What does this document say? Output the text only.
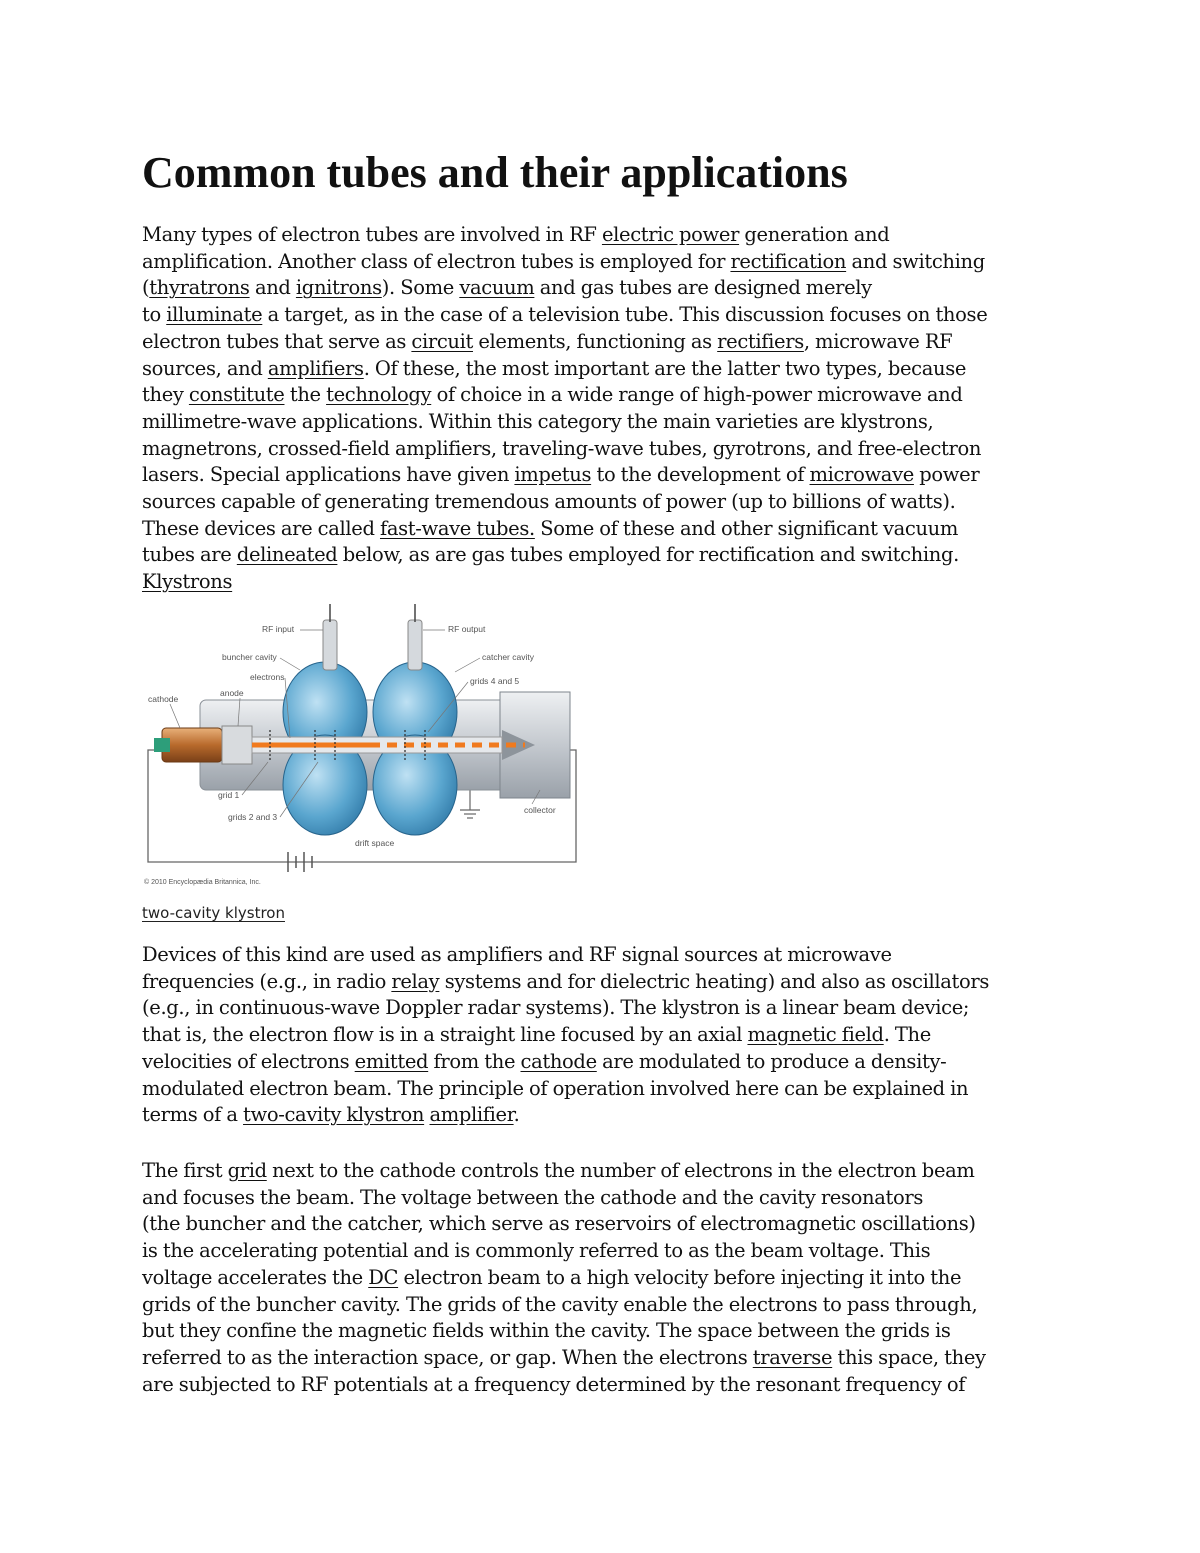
Common tubes and their applications

Many types of electron tubes are involved in RF electric power generation and
amplification. Another class of electron tubes is employed for rectification and switching
(thyratrons and ignitrons). Some vacuum and gas tubes are designed merely
to illuminate a target, as in the case of a television tube. This discussion focuses on those
electron tubes that serve as circuit elements, functioning as rectifiers, microwave RF
sources, and amplifiers. Of these, the most important are the latter two types, because
they constitute the technology of choice in a wide range of high-power microwave and
millimetre-wave applications. Within this category the main varieties are klystrons,
magnetrons, crossed-field amplifiers, traveling-wave tubes, gyrotrons, and free-electron
lasers. Special applications have given impetus to the development of microwave power
sources capable of generating tremendous amounts of power (up to billions of watts).
These devices are called fast-wave tubes. Some of these and other significant vacuum
tubes are delineated below, as are gas tubes employed for rectification and switching.
Klystrons

RF input	RF output
buncher cavity	catcher cavity
electrons	grids 4 and 5
cathode
anode
grid 1
grids 2 and 3
collector
drift space
© 2010 Encyclopædia Britannica, Inc.

two-cavity klystron

Devices of this kind are used as amplifiers and RF signal sources at microwave
frequencies (e.g., in radio relay systems and for dielectric heating) and also as oscillators
(e.g., in continuous-wave Doppler radar systems). The klystron is a linear beam device;
that is, the electron flow is in a straight line focused by an axial magnetic field. The
velocities of electrons emitted from the cathode are modulated to produce a density-
modulated electron beam. The principle of operation involved here can be explained in
terms of a two-cavity klystron amplifier.

The first grid next to the cathode controls the number of electrons in the electron beam
and focuses the beam. The voltage between the cathode and the cavity resonators
(the buncher and the catcher, which serve as reservoirs of electromagnetic oscillations)
is the accelerating potential and is commonly referred to as the beam voltage. This
voltage accelerates the DC electron beam to a high velocity before injecting it into the
grids of the buncher cavity. The grids of the cavity enable the electrons to pass through,
but they confine the magnetic fields within the cavity. The space between the grids is
referred to as the interaction space, or gap. When the electrons traverse this space, they
are subjected to RF potentials at a frequency determined by the resonant frequency of
